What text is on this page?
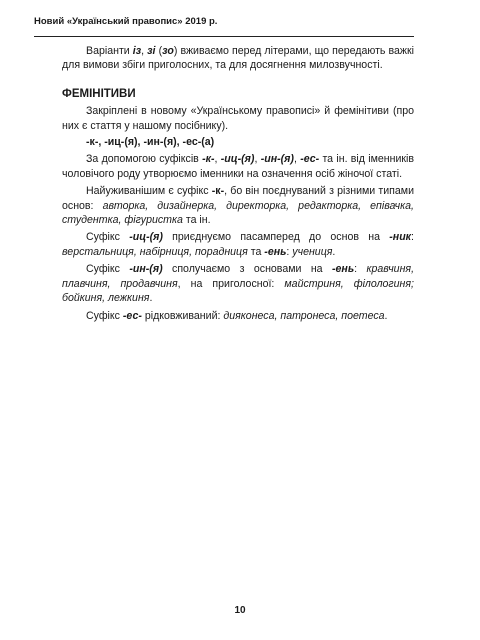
Новий «Український правопис» 2019 р.

Варіанти із, зі (зо) вживаємо перед літерами, що передають важкі для вимови збіги приголосних, та для досягнення милозвучності.

ФЕМІНІТИВИ

Закріплені в новому «Українському правописі» й фемінітиви (про них є стаття у нашому посібнику).

-к-, -иц-(я), -ин-(я), -ес-(а)

За допомогою суфіксів -к-, -иц-(я), -ин-(я), -ес- та ін. від іменників чоловічого роду утворюємо іменники на означення осіб жіночої статі.

Найуживанішим є суфікс -к-, бо він поєднуваний з різними типами основ: авторка, дизайнерка, директорка, редакторка, епівачка, студентка, фігуристка та ін.

Суфікс -иц-(я) приєднуємо пасамперед до основ на -ник: верстальниця, набірниця, порадниця та -ень: учениця.

Суфікс -ин-(я) сполучаємо з основами на -ень: кравчиня, плавчиня, продавчиня, на приголосної: майстриня, філологиня; бойкиня, лежкиня.

Суфікс -ес- рідковживаний: дияконеса, патронеса, поетеса.

10
